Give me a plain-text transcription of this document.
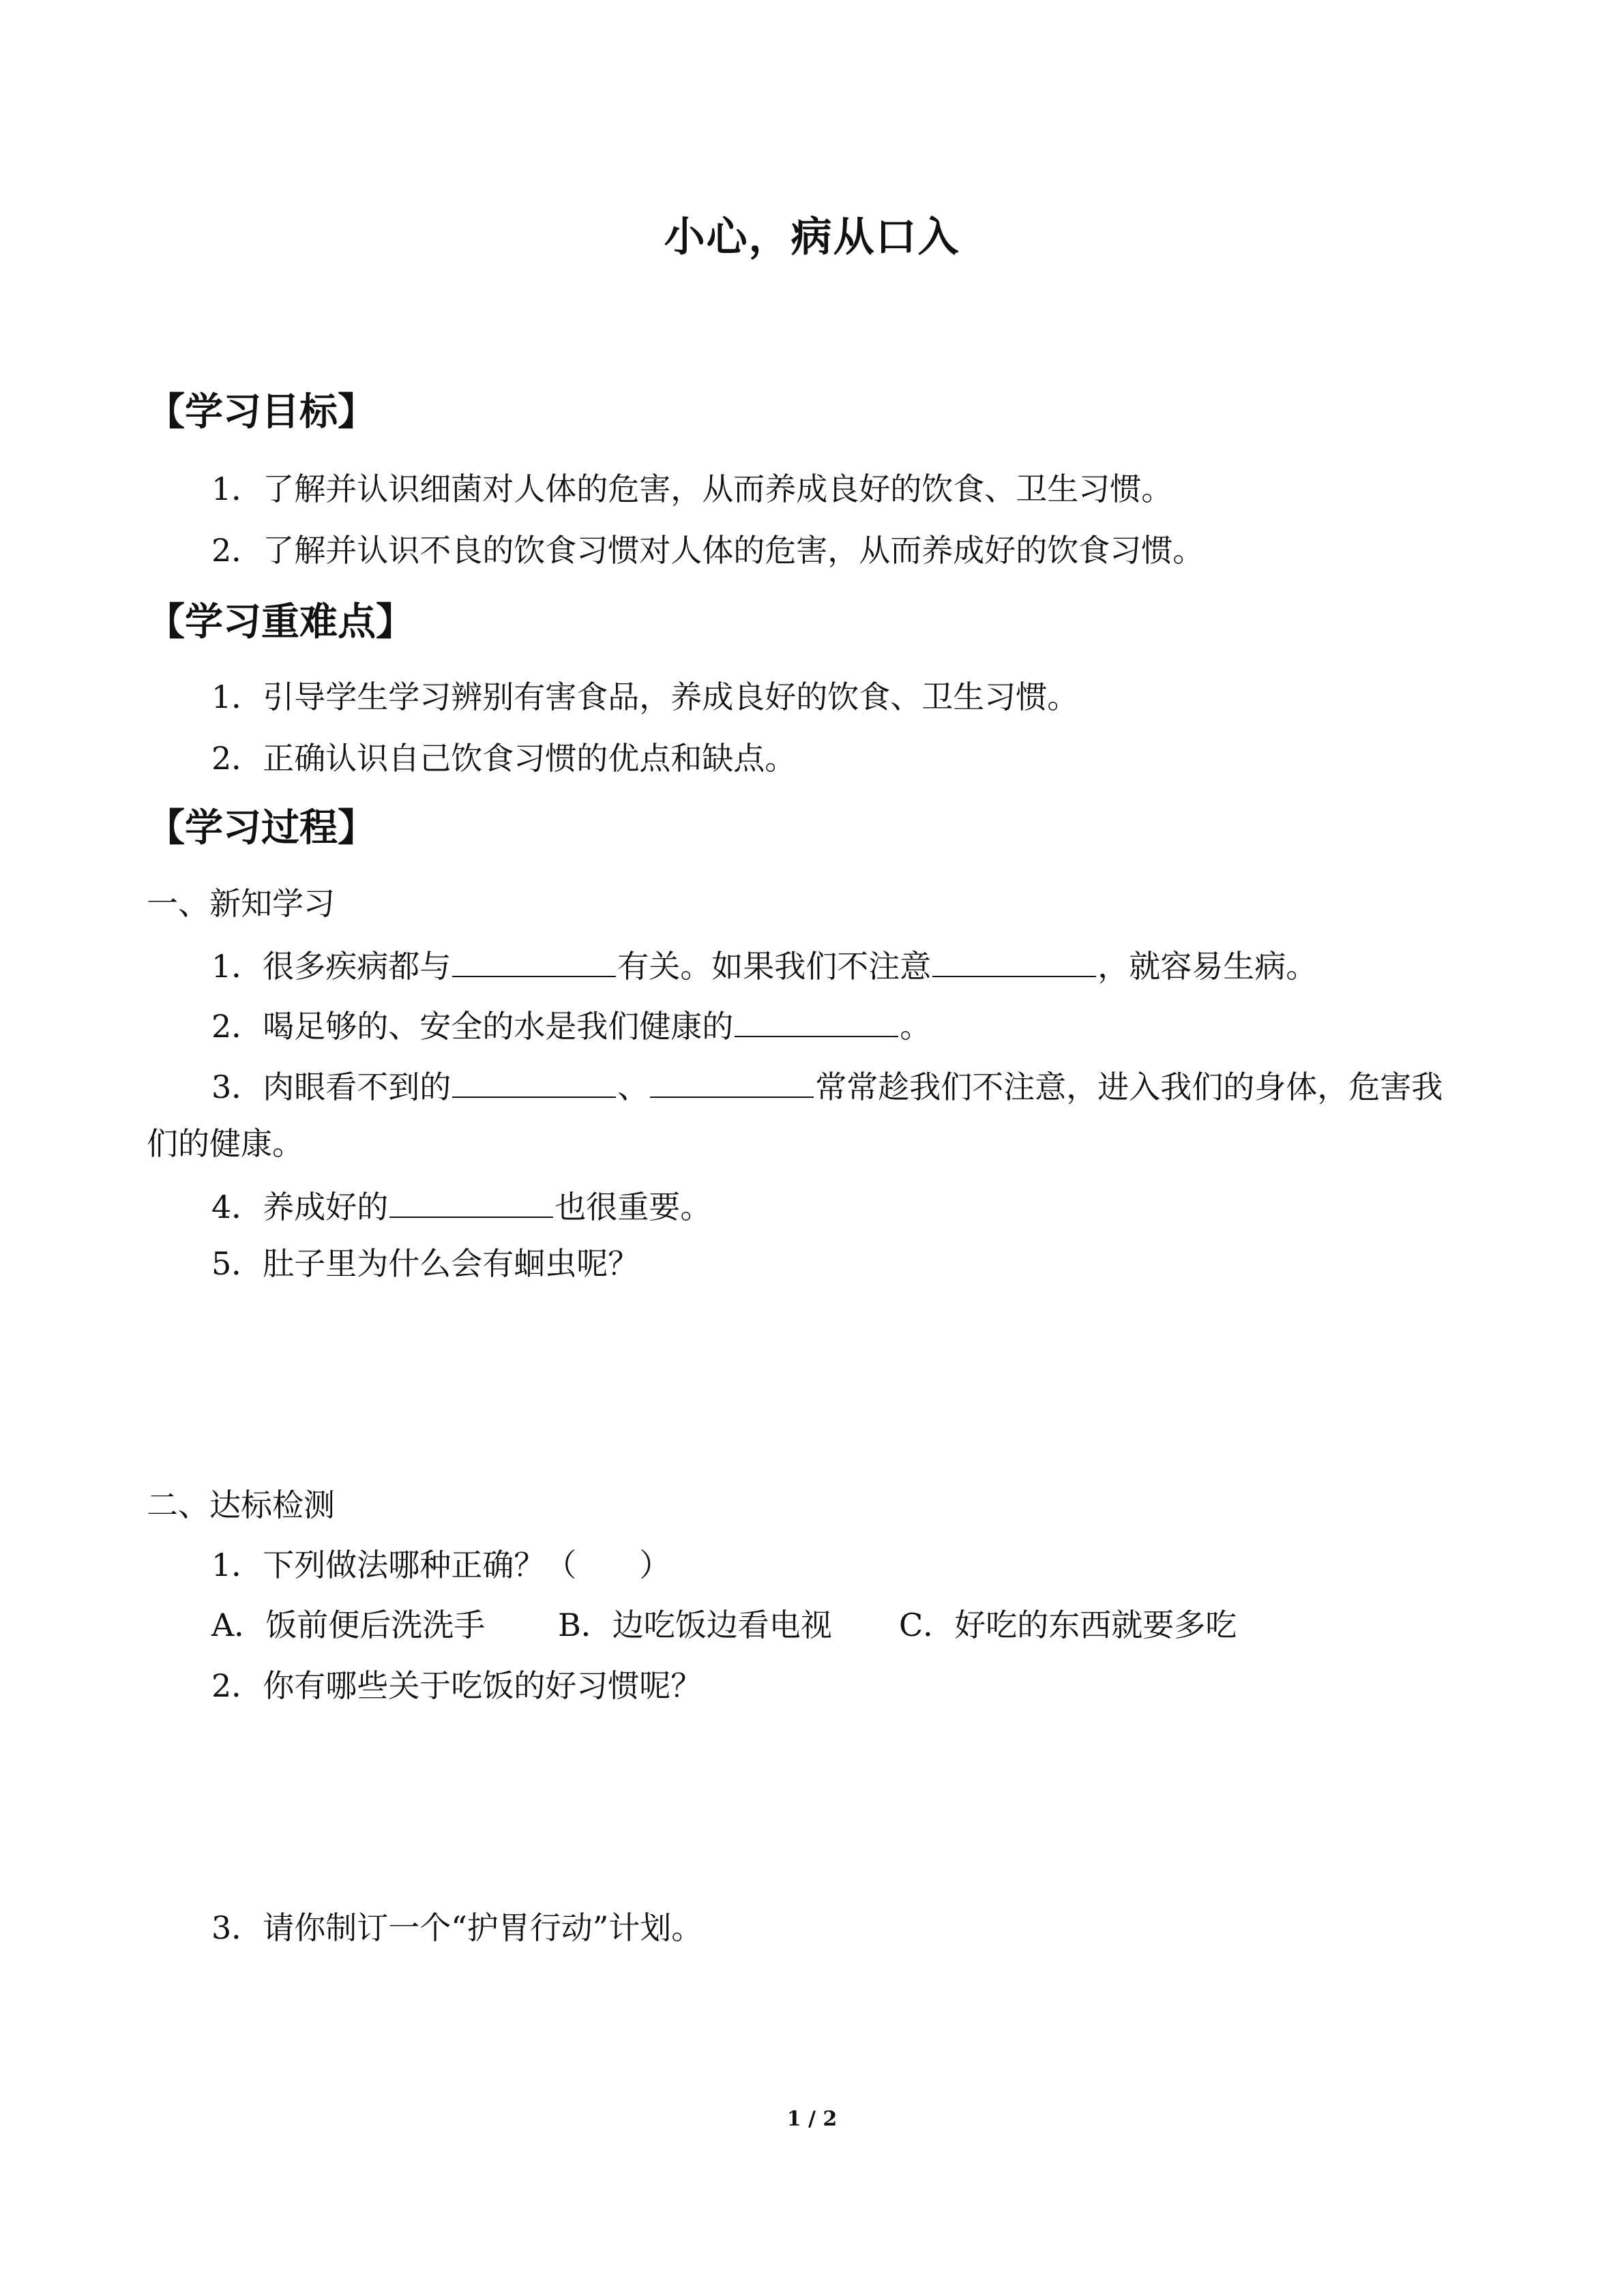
小心，病从口入
【学习目标】
1．了解并认识细菌对人体的危害，从而养成良好的饮食、卫生习惯。
2．了解并认识不良的饮食习惯对人体的危害，从而养成好的饮食习惯。
【学习重难点】
1．引导学生学习辨别有害食品，养成良好的饮食、卫生习惯。
2．正确认识自己饮食习惯的优点和缺点。
【学习过程】
一、新知学习
1．很多疾病都与	有关。如果我们不注意	，就容易生病。
2．喝足够的、安全的水是我们健康的	。
3．肉眼看不到的	、	常常趁我们不注意，进入我们的身体，危害我
们的健康。
4．养成好的	也很重要。
5．肚子里为什么会有蛔虫呢？
二、达标检测
1．下列做法哪种正确？（　　）
A．饭前便后洗洗手 B．边吃饭边看电视 C．好吃的东西就要多吃
2．你有哪些关于吃饭的好习惯呢？
3．请你制订一个“护胃行动”计划。
1 / 2
